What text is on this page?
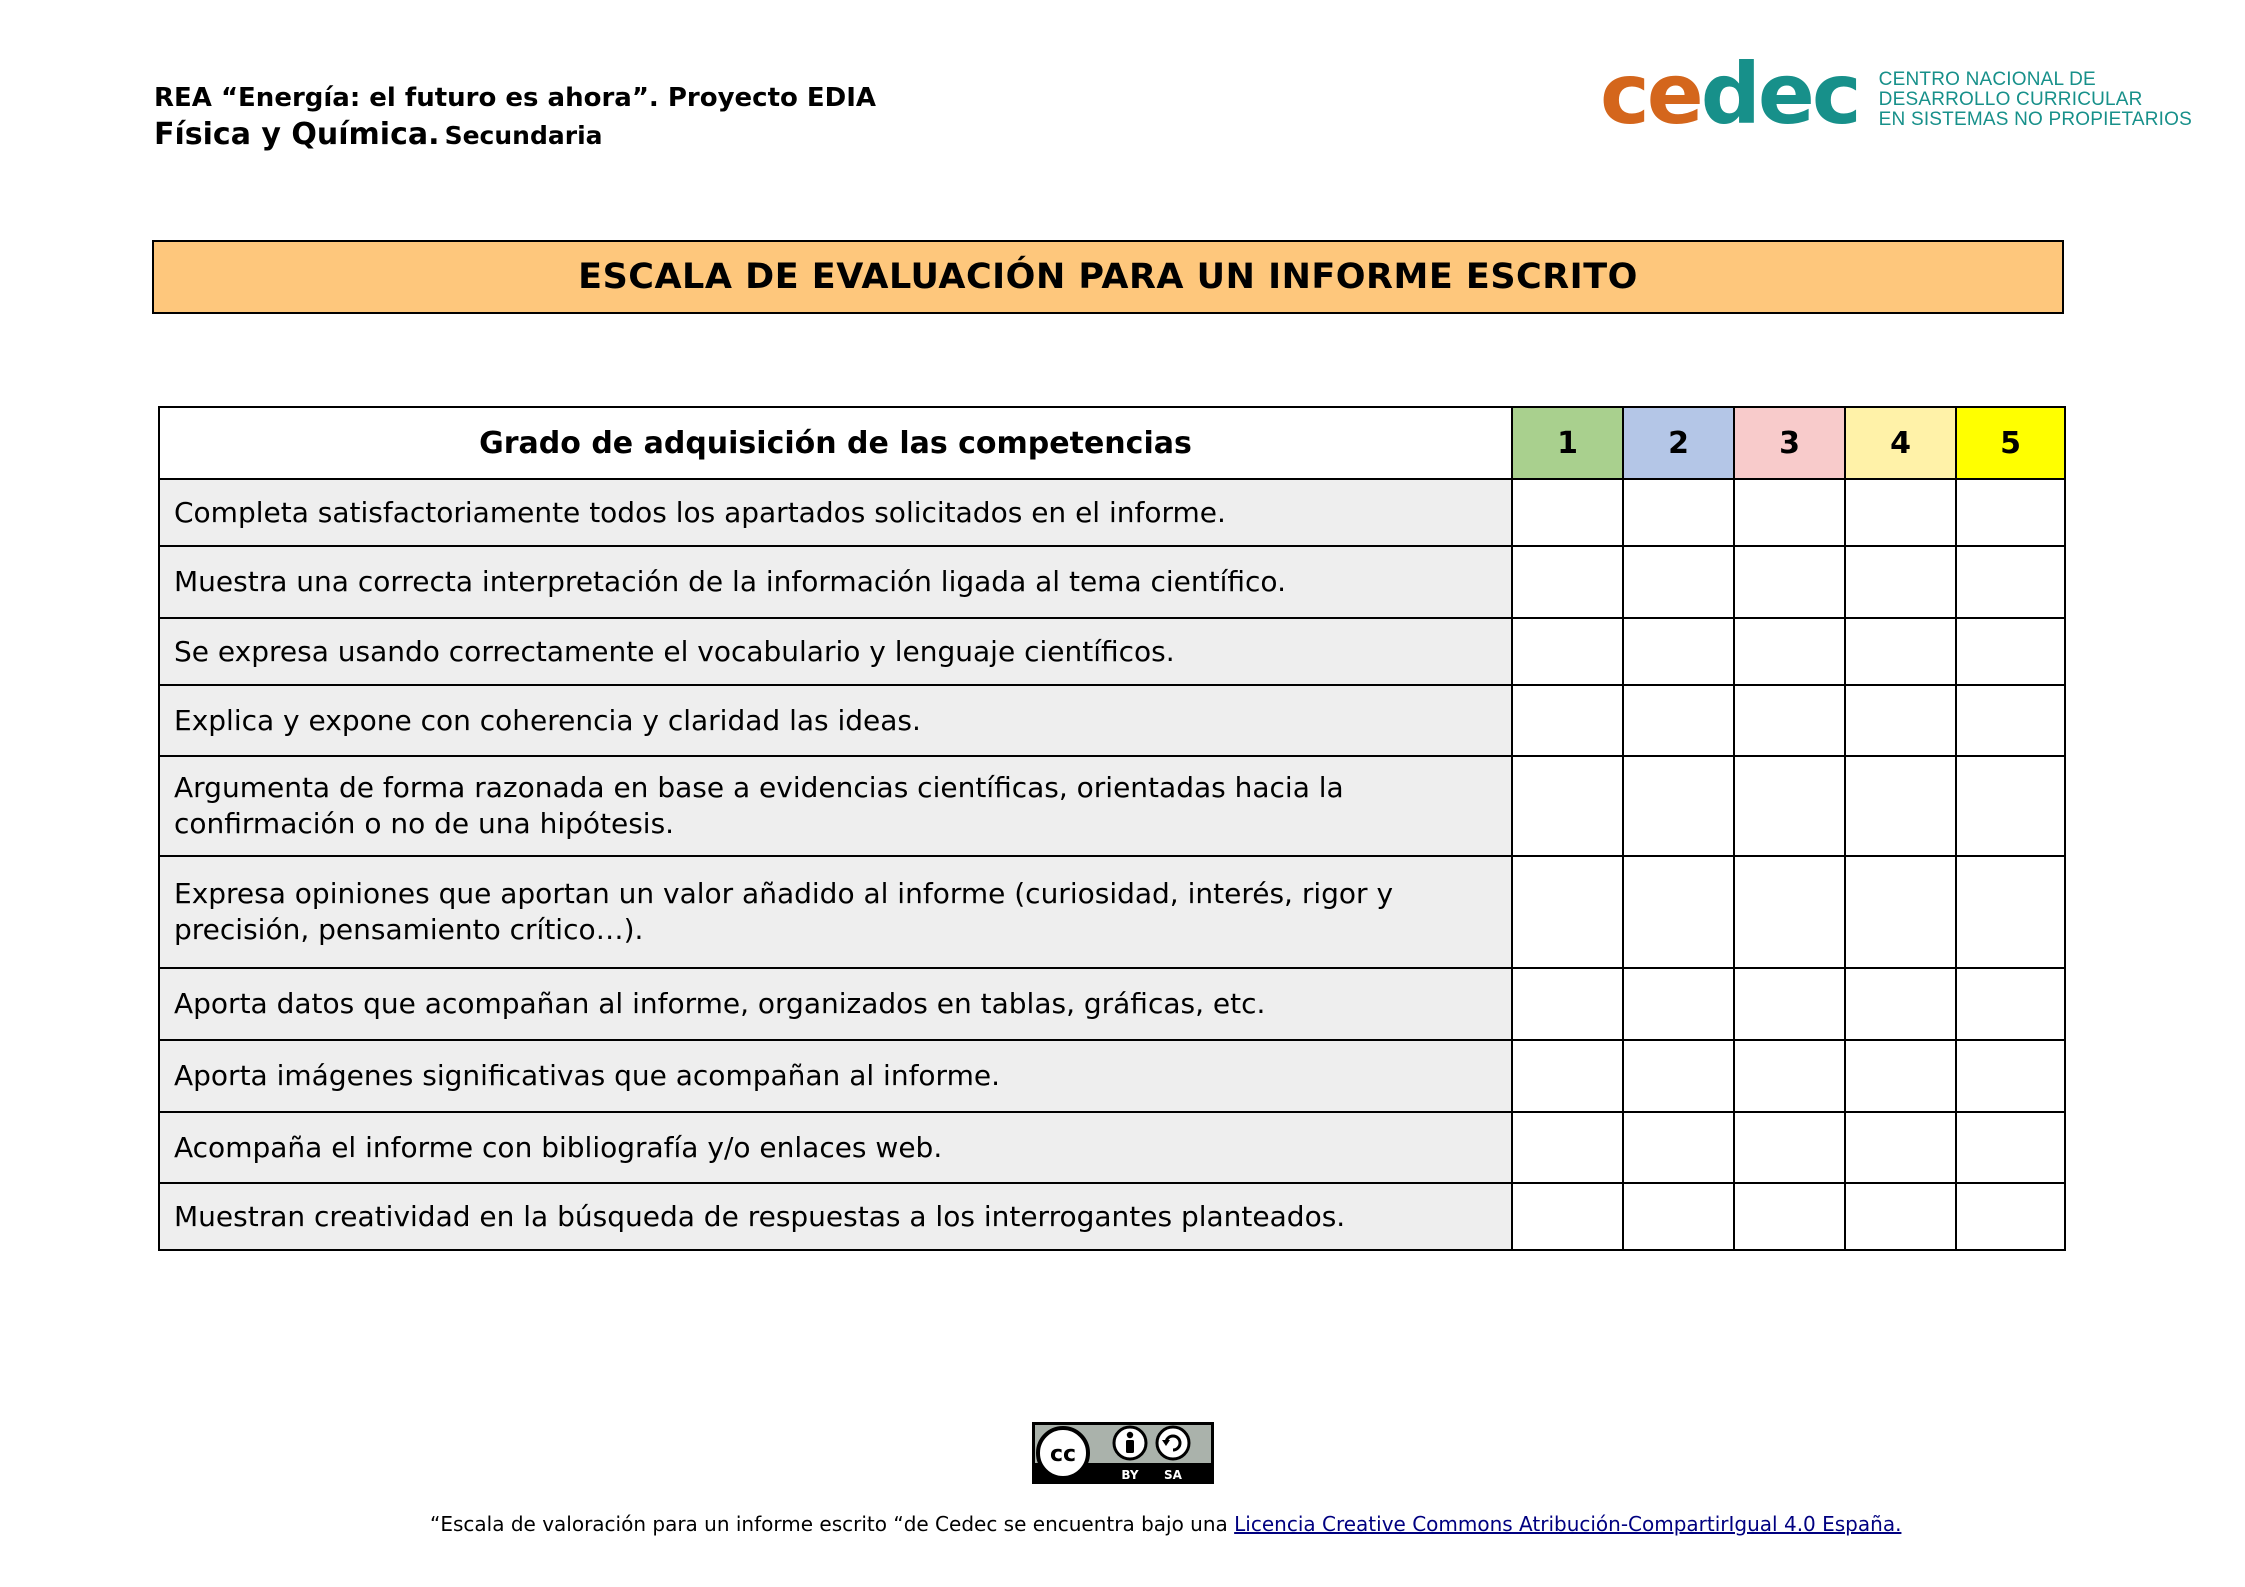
REA “Energía: el futuro es ahora”. Proyecto EDIA
Física y Química. Secundaria	cedec CENTRO NACIONAL DE
DESARROLLO CURRICULAR
EN SISTEMAS NO PROPIETARIOS
ESCALA DE EVALUACIÓN PARA UN INFORME ESCRITO
Grado de adquisición de las competencias	1	2	3	4	5
Completa satisfactoriamente todos los apartados solicitados en el informe.					
Muestra una correcta interpretación de la información ligada al tema científico.					
Se expresa usando correctamente el vocabulario y lenguaje científicos.					
Explica y expone con coherencia y claridad las ideas.					
Argumenta de forma razonada en base a evidencias científicas, orientadas hacia la confirmación o no de una hipótesis.					
Expresa opiniones que aportan un valor añadido al informe (curiosidad, interés, rigor y precisión, pensamiento crítico…).					
Aporta datos que acompañan al informe, organizados en tablas, gráficas, etc.					
Aporta imágenes significativas que acompañan al informe.					
Acompaña el informe con bibliografía y/o enlaces web.					
Muestran creatividad en la búsqueda de respuestas a los interrogantes planteados.					
cc
BY SA
“Escala de valoración para un informe escrito “de Cedec se encuentra bajo una Licencia Creative Commons Atribución-CompartirIgual 4.0 España.
